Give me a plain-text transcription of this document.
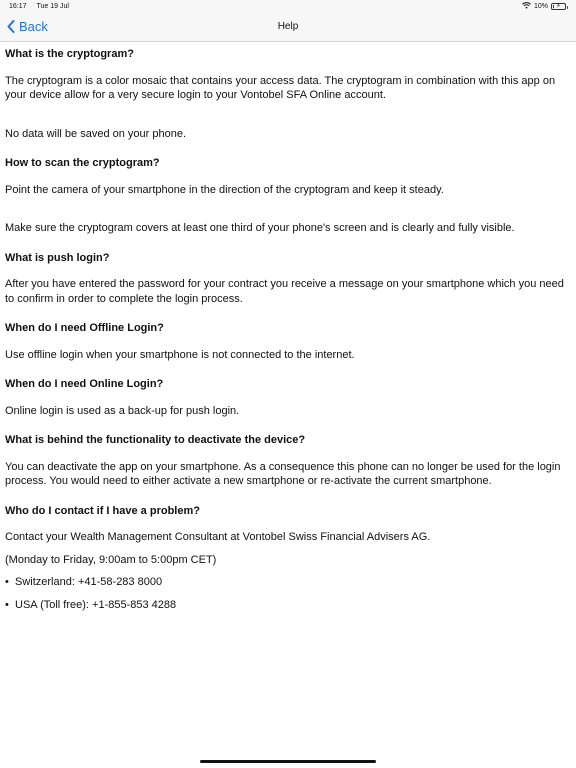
16:17 Tue 19 Jul	10% ⚡
Back	Help
What is the cryptogram?

The cryptogram is a color mosaic that contains your access data. The cryptogram in combination with this app on your device allow for a very secure login to your Vontobel SFA Online account.

No data will be saved on your phone.

How to scan the cryptogram?

Point the camera of your smartphone in the direction of the cryptogram and keep it steady.

Make sure the cryptogram covers at least one third of your phone's screen and is clearly and fully visible.

What is push login?

After you have entered the password for your contract you receive a message on your smartphone which you need to confirm in order to complete the login process.

When do I need Offline Login?

Use offline login when your smartphone is not connected to the internet.

When do I need Online Login?

Online login is used as a back-up for push login.

What is behind the functionality to deactivate the device?

You can deactivate the app on your smartphone. As a consequence this phone can no longer be used for the login process. You would need to either activate a new smartphone or re-activate the current smartphone.

Who do I contact if I have a problem?

Contact your Wealth Management Consultant at Vontobel Swiss Financial Advisers AG.

(Monday to Friday, 9:00am to 5:00pm CET)

• Switzerland: +41-58-283 8000
• USA (Toll free): +1-855-853 4288
